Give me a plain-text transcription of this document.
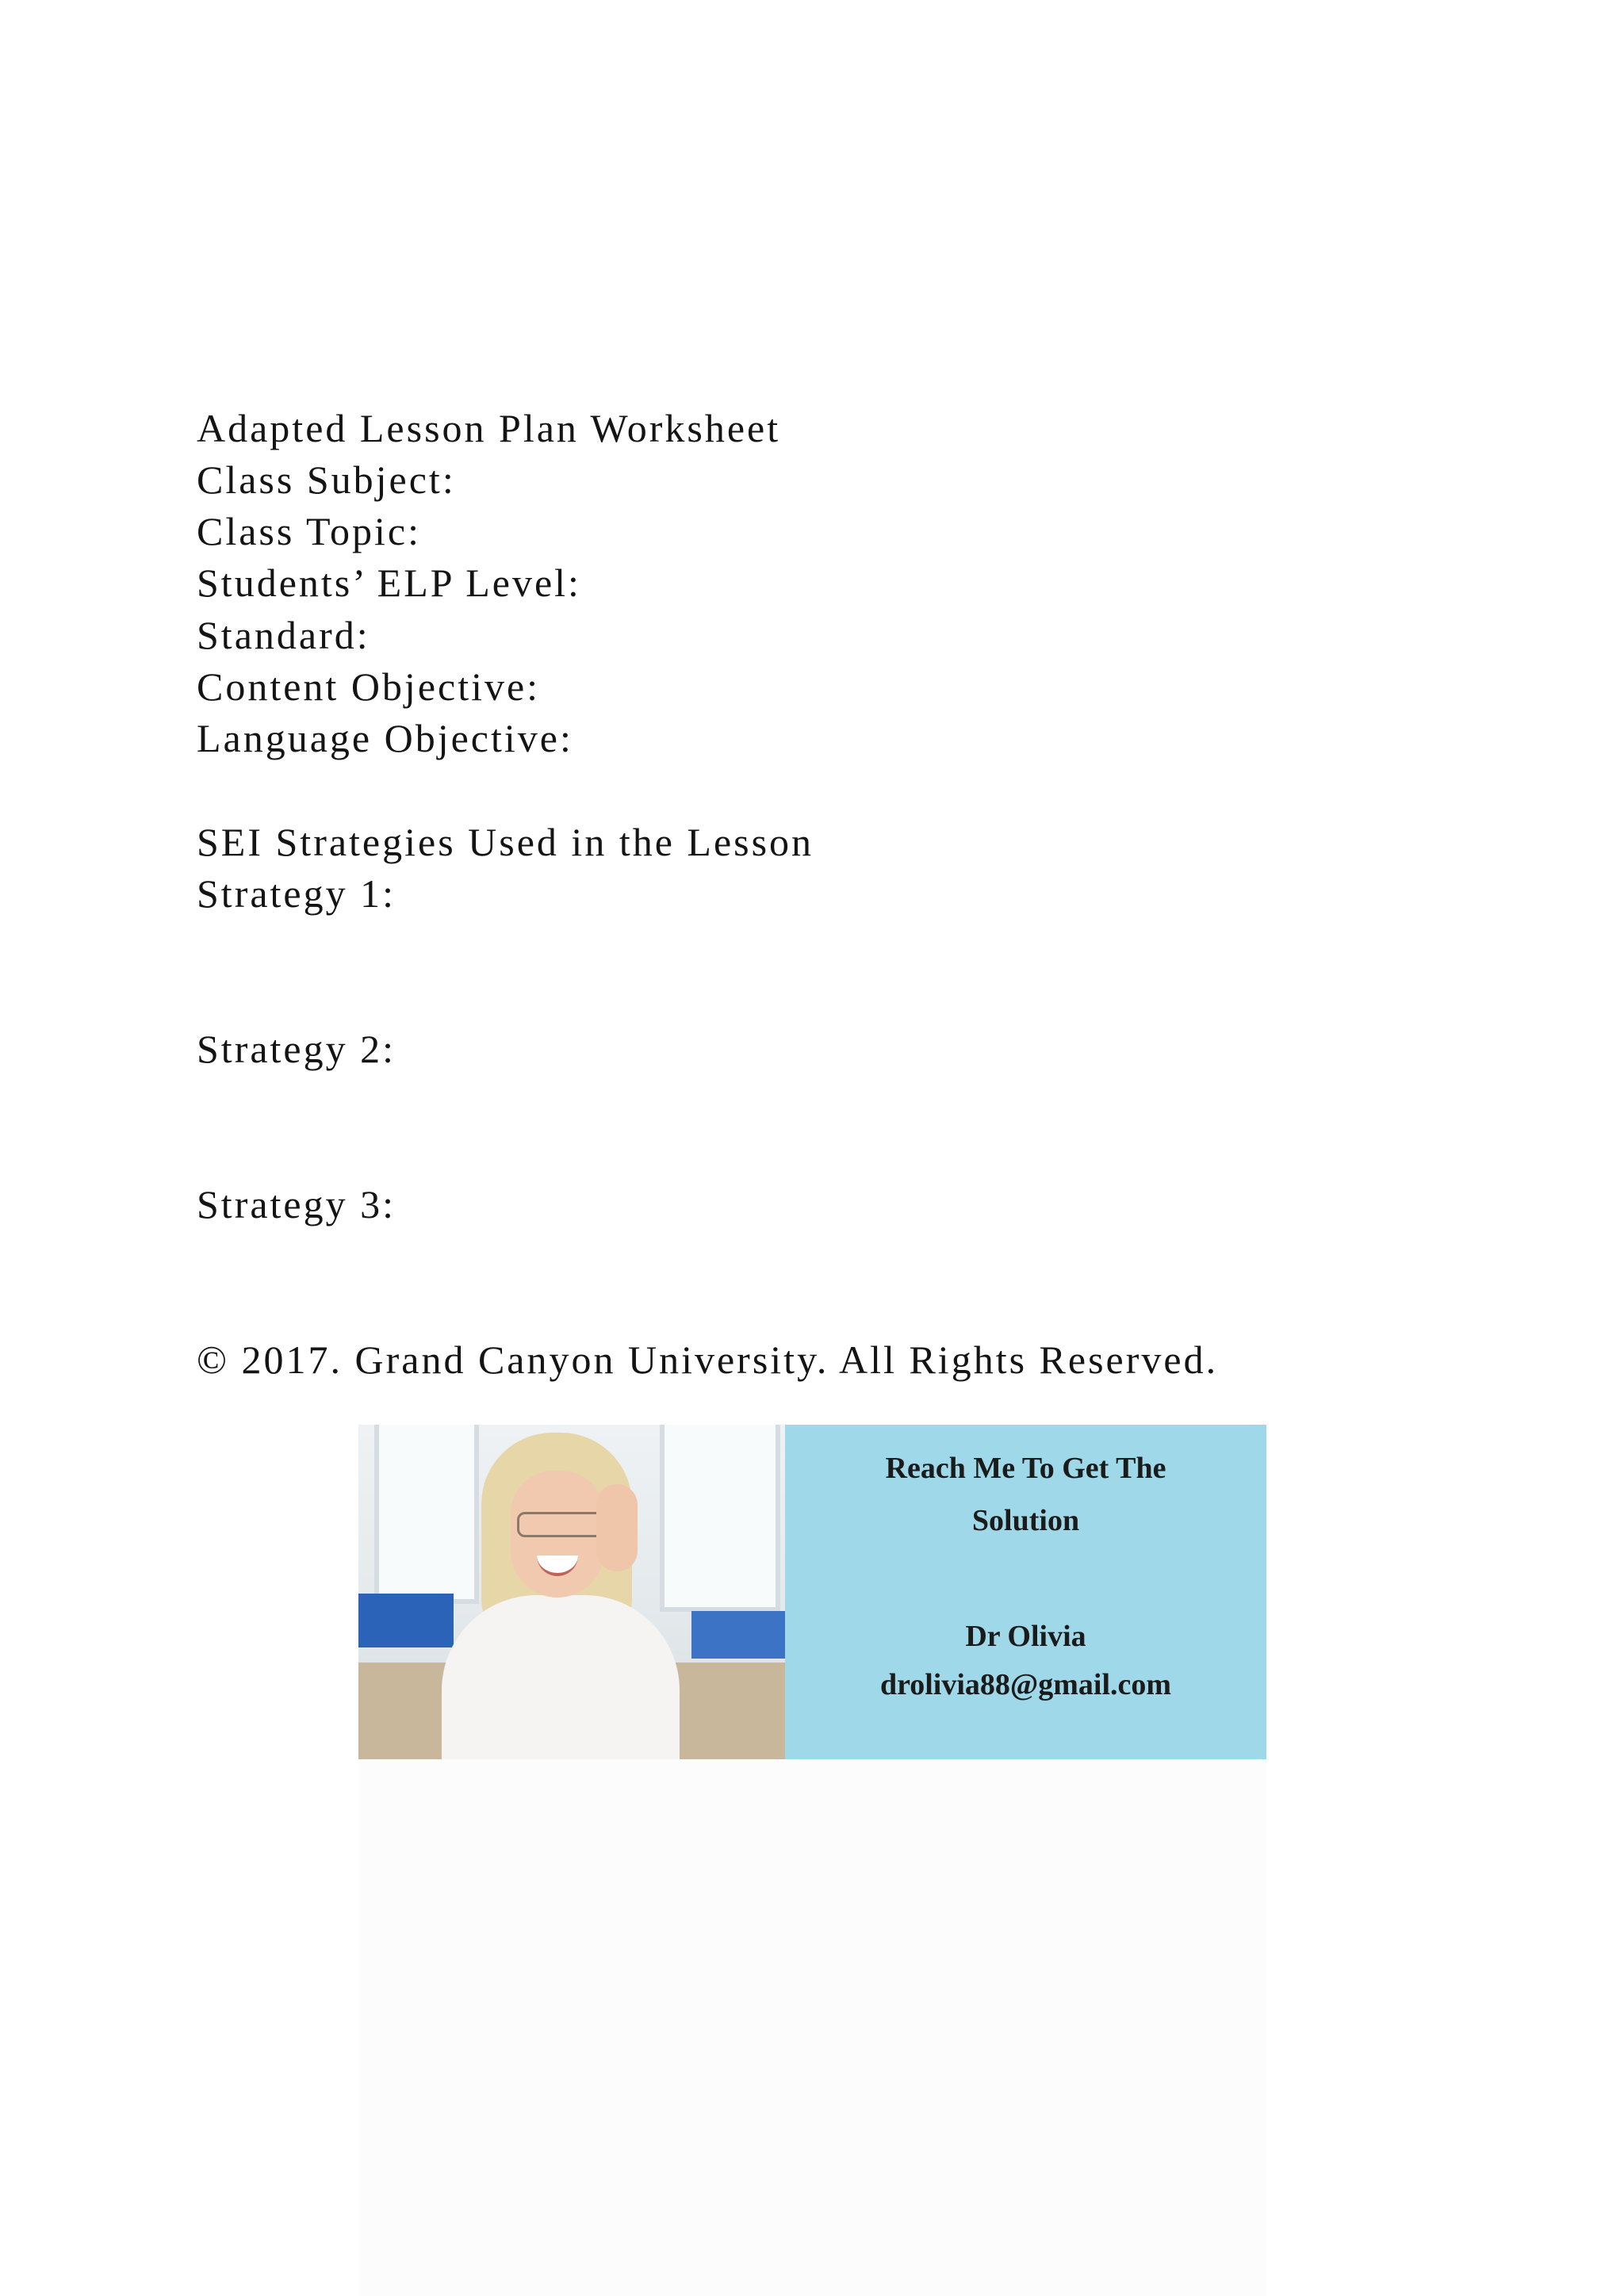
Adapted Lesson Plan Worksheet
Class Subject:
Class Topic:
Students’ ELP Level:
Standard:
Content Objective:
Language Objective:
SEI Strategies Used in the Lesson
Strategy 1:
Strategy 2:
Strategy 3:
© 2017. Grand Canyon University. All Rights Reserved.
Reach Me To Get The
Solution
Dr Olivia
drolivia88@gmail.com
